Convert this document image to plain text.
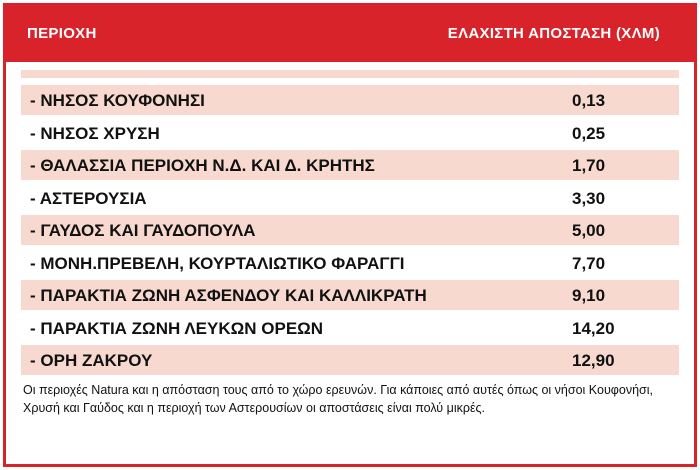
ΠΕΡΙΟΧΗ	ΕΛΑΧΙΣΤΗ ΑΠΟΣΤΑΣΗ (ΧΛΜ)
- ΝΗΣΟΣ ΚΟΥΦΟΝΗΣΙ	0,13
- ΝΗΣΟΣ ΧΡΥΣΗ	0,25
- ΘΑΛΑΣΣΙΑ ΠΕΡΙΟΧΗ Ν.Δ. ΚΑΙ Δ. ΚΡΗΤΗΣ	1,70
- ΑΣΤΕΡΟΥΣΙΑ	3,30
- ΓΑΥΔΟΣ ΚΑΙ ΓΑΥΔΟΠΟΥΛΑ	5,00
- ΜΟΝΗ.ΠΡΕΒΕΛΗ, ΚΟΥΡΤΑΛΙΩΤΙΚΟ ΦΑΡΑΓΓΙ	7,70
- ΠΑΡΑΚΤΙΑ ΖΩΝΗ ΑΣΦΕΝΔΟΥ ΚΑΙ ΚΑΛΛΙΚΡΑΤΗ	9,10
- ΠΑΡΑΚΤΙΑ ΖΩΝΗ ΛΕΥΚΩΝ ΟΡΕΩΝ	14,20
- ΟΡΗ ΖΑΚΡΟΥ	12,90
Οι περιοχές Natura και η απόσταση τους από το χώρο ερευνών. Για κάποιες από αυτές όπως οι νήσοι Κουφονήσι, Χρυσή και Γαύδος και η περιοχή των Αστερουσίων οι αποστάσεις είναι πολύ μικρές.
